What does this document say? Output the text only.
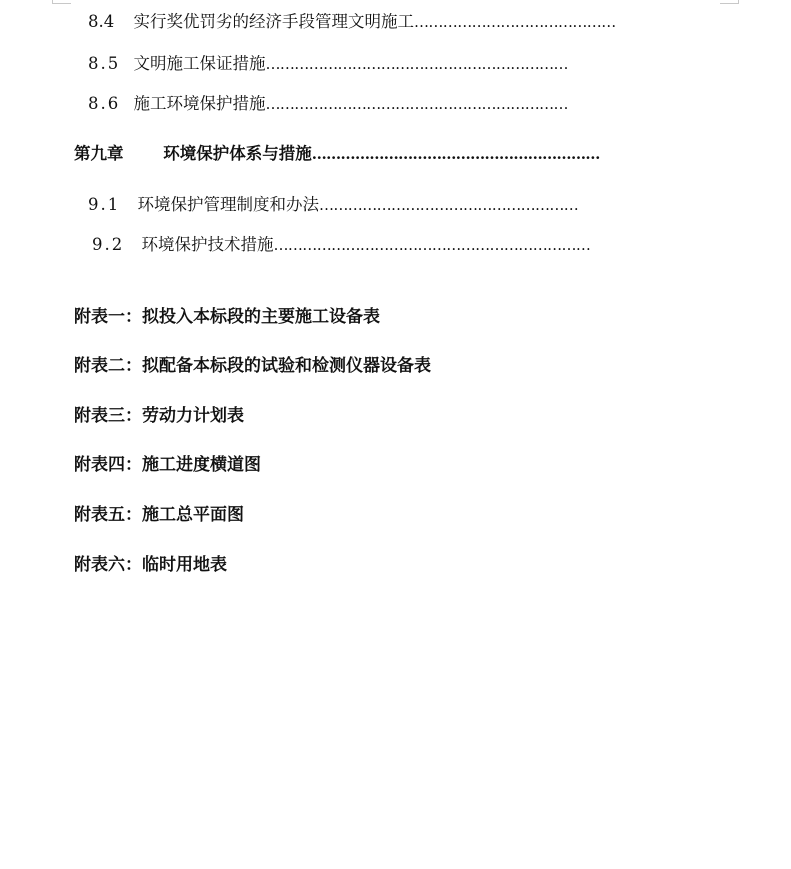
8.4 实行奖优罚劣的经济手段管理文明施工……………………………………
8.5 文明施工保证措施………………………………………………………
8.6 施工环境保护措施………………………………………………………
第九章 环境保护体系与措施……………………………………………………
9.1 环境保护管理制度和办法………………………………………………
9.2 环境保护技术措施…………………………………………………………
附表一：拟投入本标段的主要施工设备表
附表二：拟配备本标段的试验和检测仪器设备表
附表三：劳动力计划表
附表四：施工进度横道图
附表五：施工总平面图
附表六：临时用地表
